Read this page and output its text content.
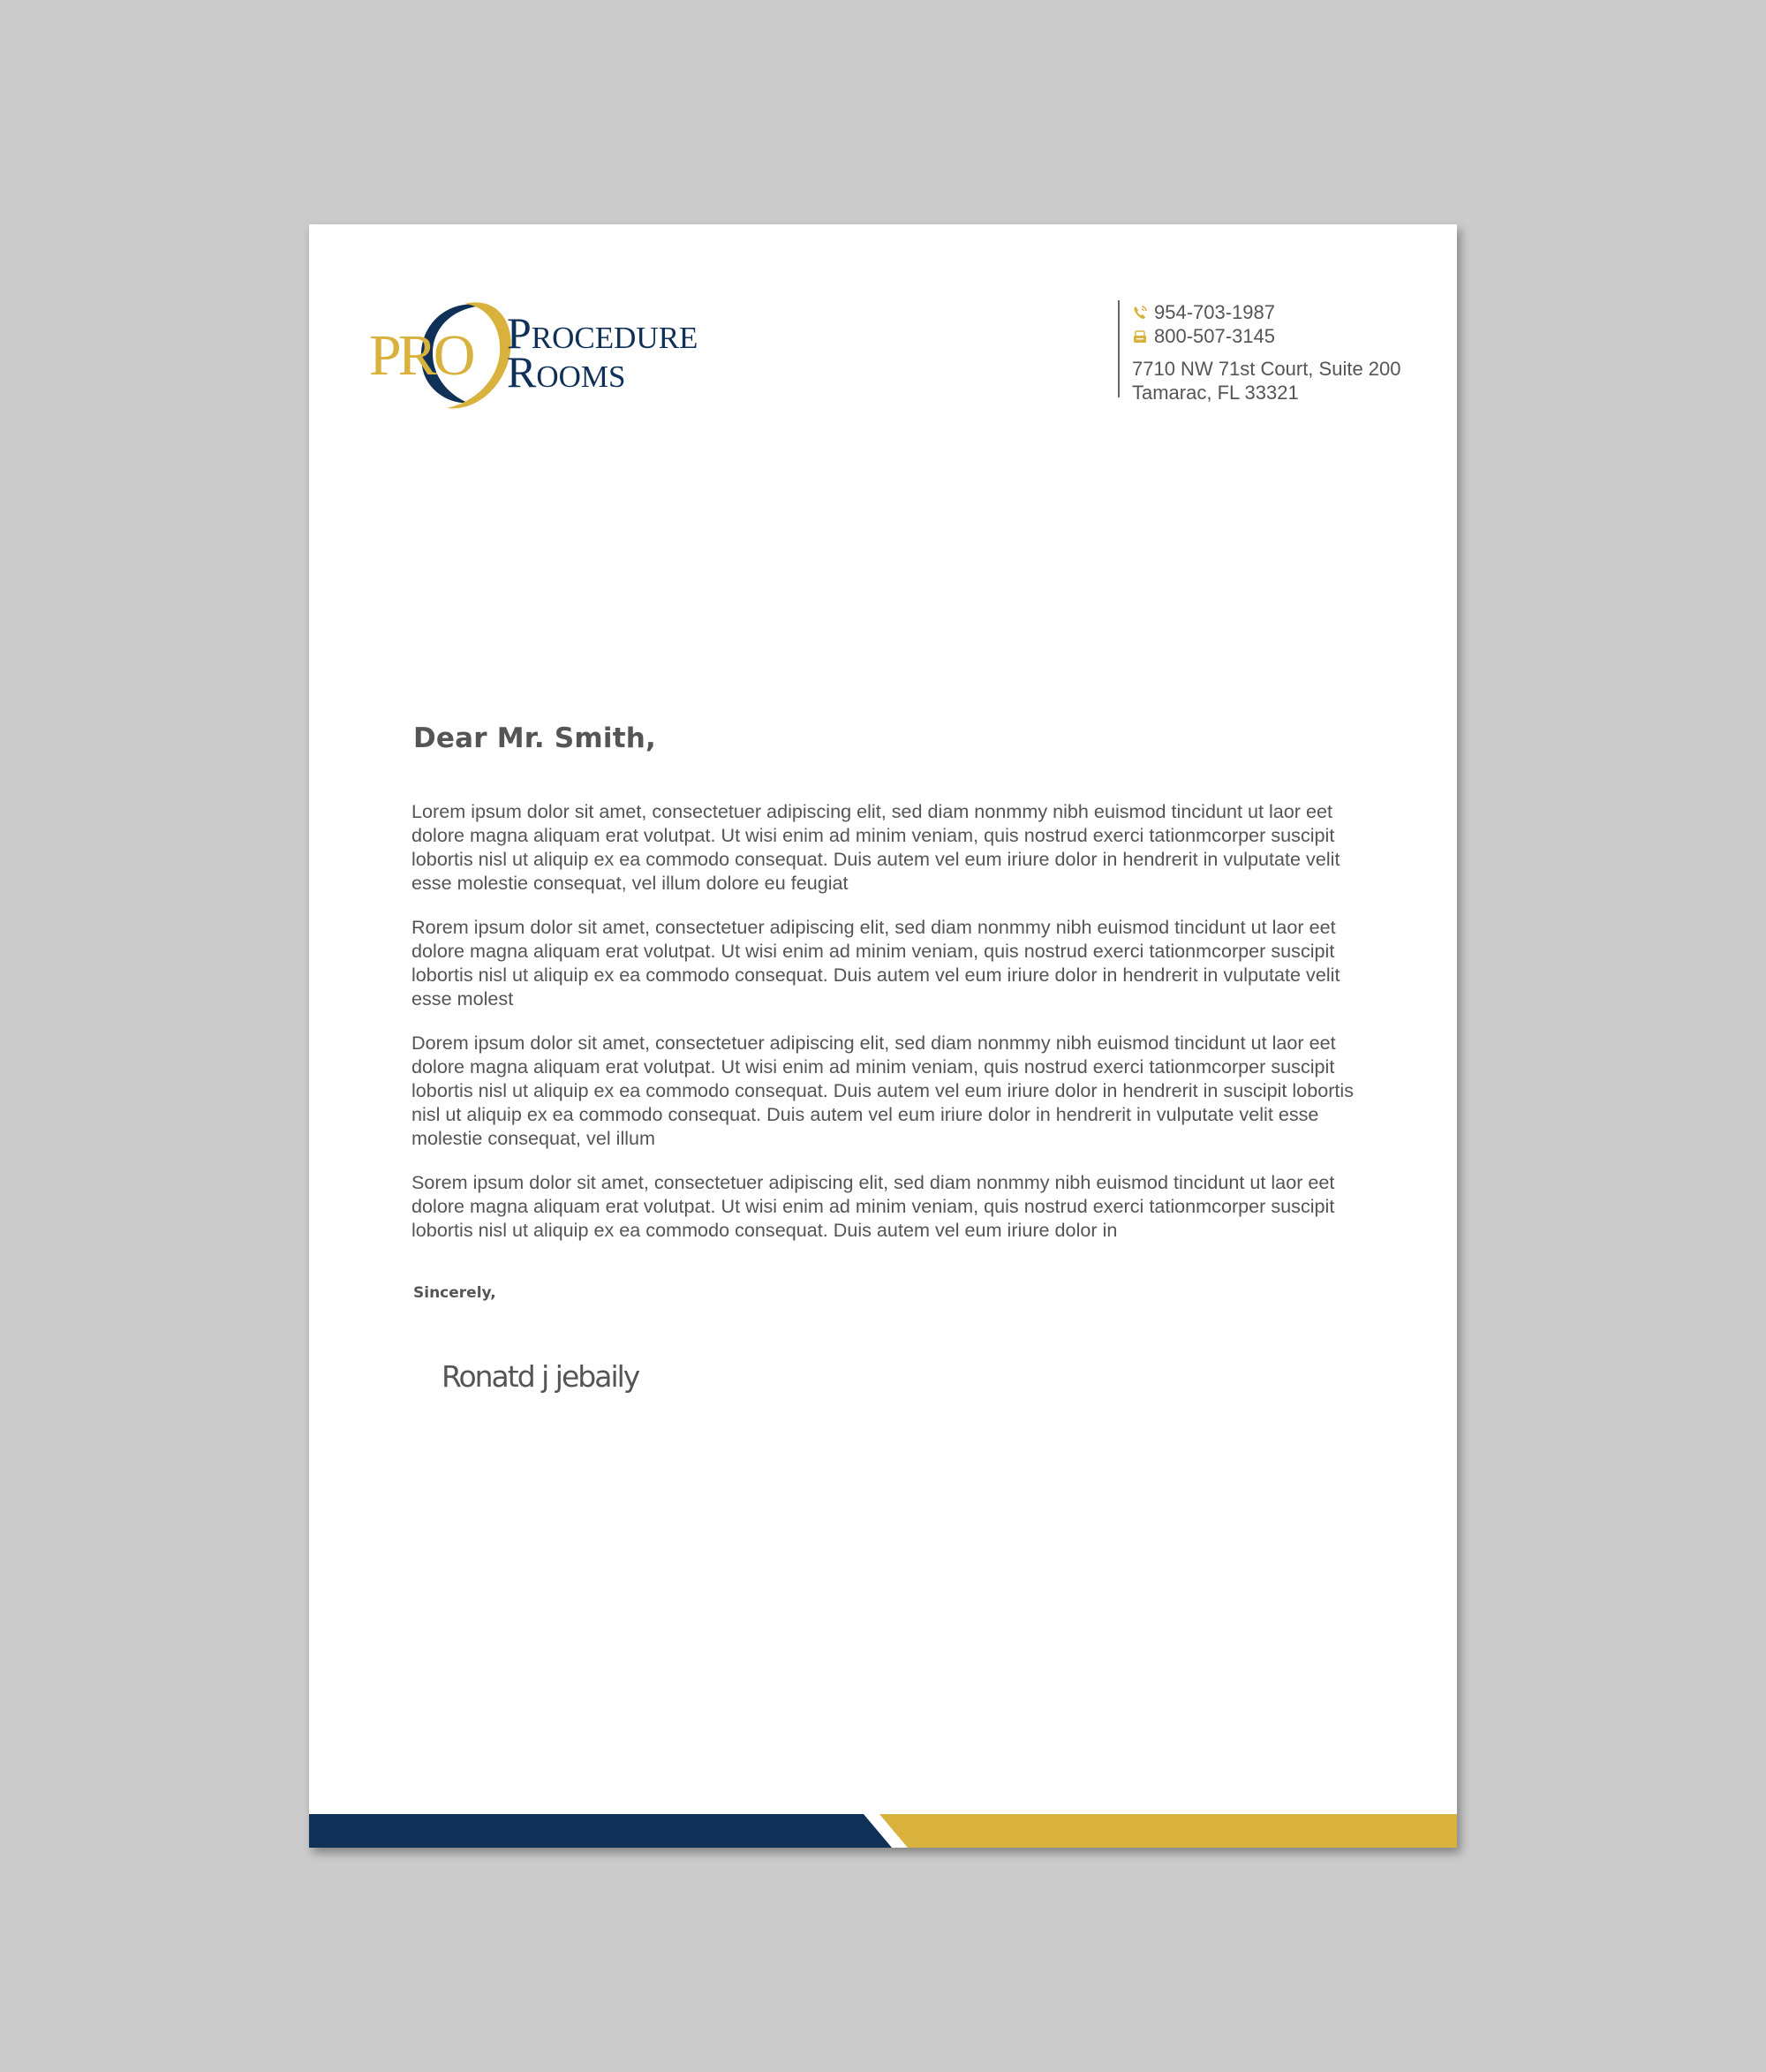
PRO Procedure
Rooms
954-703-1987
800-507-3145
7710 NW 71st Court, Suite 200
Tamarac, FL 33321
Dear Mr. Smith,

Lorem ipsum dolor sit amet, consectetuer adipiscing elit, sed diam nonmmy nibh euismod tincidunt ut laor eet dolore magna aliquam erat volutpat. Ut wisi enim ad minim veniam, quis nostrud exerci tationmcorper suscipit lobortis nisl ut aliquip ex ea commodo consequat. Duis autem vel eum iriure dolor in hendrerit in vulputate velit esse molestie consequat, vel illum dolore eu feugiat

Rorem ipsum dolor sit amet, consectetuer adipiscing elit, sed diam nonmmy nibh euismod tincidunt ut laor eet dolore magna aliquam erat volutpat. Ut wisi enim ad minim veniam, quis nostrud exerci tationmcorper suscipit lobortis nisl ut aliquip ex ea commodo consequat. Duis autem vel eum iriure dolor in hendrerit in vulputate velit esse molest

Dorem ipsum dolor sit amet, consectetuer adipiscing elit, sed diam nonmmy nibh euismod tincidunt ut laor eet dolore magna aliquam erat volutpat. Ut wisi enim ad minim veniam, quis nostrud exerci tationmcorper suscipit lobortis nisl ut aliquip ex ea commodo consequat. Duis autem vel eum iriure dolor in hendrerit in suscipit lobortis nisl ut aliquip ex ea commodo consequat. Duis autem vel eum iriure dolor in hendrerit in vulputate velit esse molestie consequat, vel illum

Sorem ipsum dolor sit amet, consectetuer adipiscing elit, sed diam nonmmy nibh euismod tincidunt ut laor eet dolore magna aliquam erat volutpat. Ut wisi enim ad minim veniam, quis nostrud exerci tationmcorper suscipit lobortis nisl ut aliquip ex ea commodo consequat. Duis autem vel eum iriure dolor in

Sincerely,
Ronatd j jebaily
